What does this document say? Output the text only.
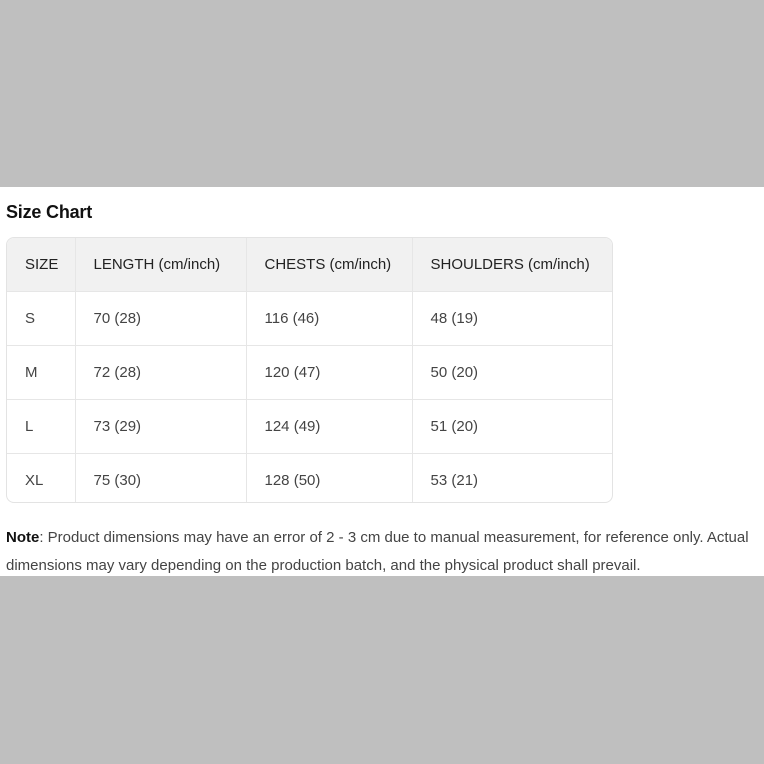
Size Chart
SIZE	LENGTH (cm/inch)	CHESTS (cm/inch)	SHOULDERS (cm/inch)
S	70 (28)	116 (46)	48 (19)
M	72 (28)	120 (47)	50 (20)
L	73 (29)	124 (49)	51 (20)
XL	75 (30)	128 (50)	53 (21)

Note: Product dimensions may have an error of 2 - 3 cm due to manual measurement, for reference only. Actual dimensions may vary depending on the production batch, and the physical product shall prevail.
